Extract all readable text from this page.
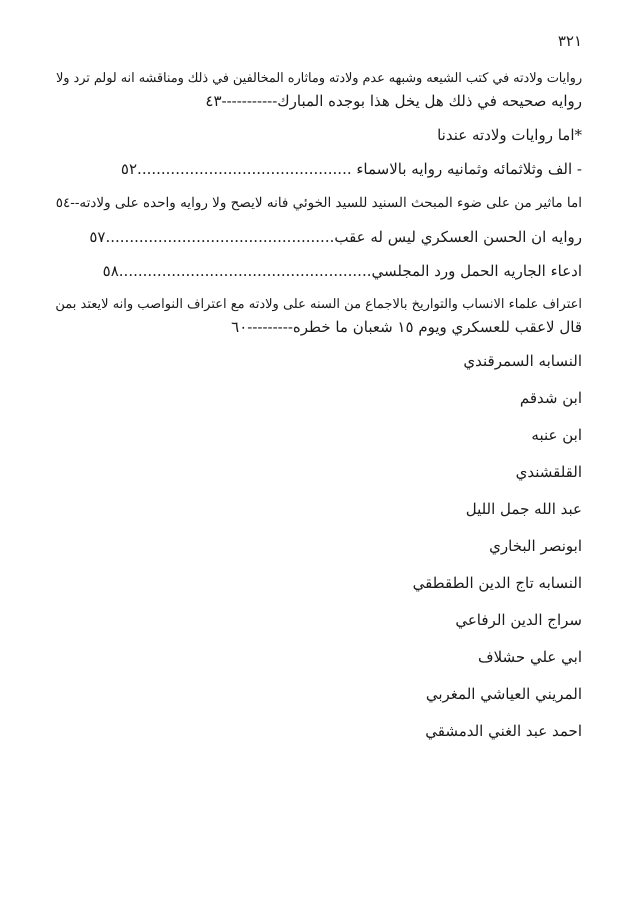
٣٢١

روايات ولادته في كتب الشيعه وشبهه عدم ولادته وماثاره المخالفين في ذلك ومناقشه انه لولم ترد ولا
روايه صحيحه في ذلك هل يخل هذا بوجده المبارك-----------٤٣

*اما روايات ولادته عندنا

- الف وثلاثمائه وثمانيه روايه بالاسماء .............................................٥٢

اما ماثير من على ضوء المبحث السنيد للسيد الخوئي فانه لايصح ولا روايه واحده على ولادته--٥٤

روايه ان الحسن العسكري ليس له عقب................................................٥٧

ادعاء الجاريه الحمل ورد المجلسي.....................................................٥٨

اعتراف علماء الانساب والتواريخ بالاجماع من السنه على ولادته مع اعتراف النواصب وانه لايعتد بمن
قال لاعقب للعسكري ويوم ١٥ شعبان ما خطره---------٦٠

النسابه السمرقندي

ابن شدقم

ابن عنبه

القلقشندي

عبد الله جمل الليل

ابونصر البخاري

النسابه تاج الدين الطقطقي

سراج الدين الرفاعي

ابي علي حشلاف

المريني العياشي المغربي

احمد عبد الغني الدمشقي
